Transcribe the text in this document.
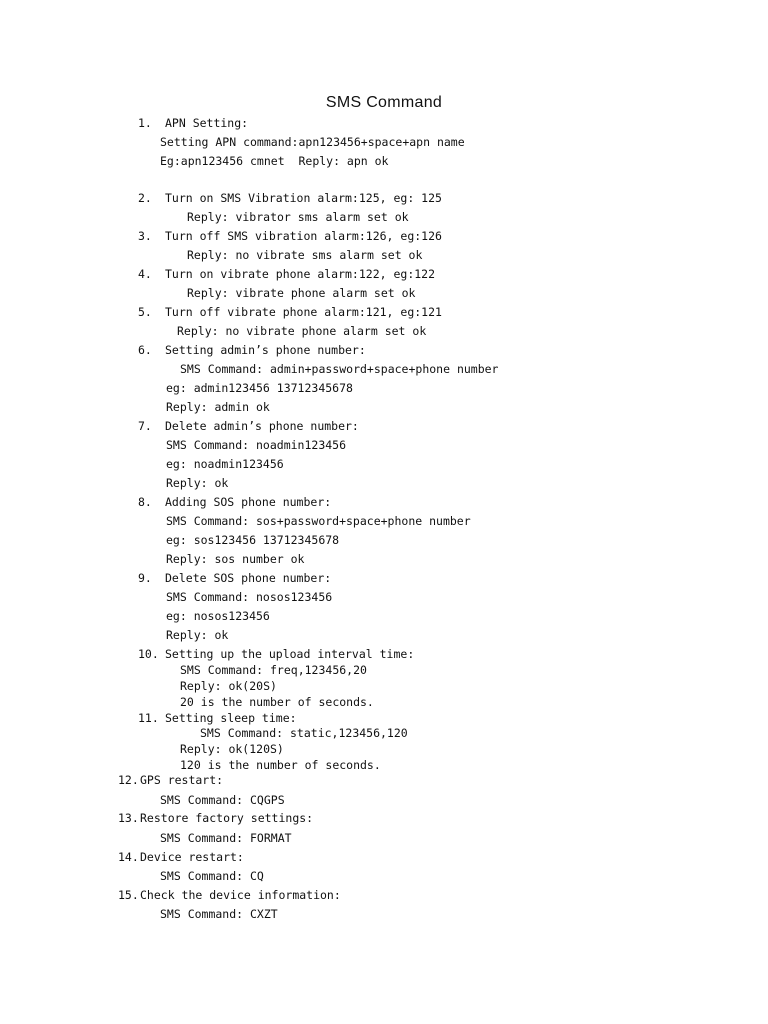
SMS Command
1. APN Setting:
Setting APN command:apn123456+space+apn name
Eg:apn123456 cmnet  Reply: apn ok
2. Turn on SMS Vibration alarm:125, eg: 125
Reply: vibrator sms alarm set ok
3. Turn off SMS vibration alarm:126, eg:126
Reply: no vibrate sms alarm set ok
4. Turn on vibrate phone alarm:122, eg:122
Reply: vibrate phone alarm set ok
5. Turn off vibrate phone alarm:121, eg:121
Reply: no vibrate phone alarm set ok
6. Setting admin’s phone number:
SMS Command: admin+password+space+phone number
eg: admin123456 13712345678
Reply: admin ok
7. Delete admin’s phone number:
SMS Command: noadmin123456
eg: noadmin123456
Reply: ok
8. Adding SOS phone number:
SMS Command: sos+password+space+phone number
eg: sos123456 13712345678
Reply: sos number ok
9. Delete SOS phone number:
SMS Command: nosos123456
eg: nosos123456
Reply: ok
10. Setting up the upload interval time:
SMS Command: freq,123456,20
Reply: ok(20S)
20 is the number of seconds.
11. Setting sleep time:
SMS Command: static,123456,120
Reply: ok(120S)
120 is the number of seconds.
12. GPS restart:
SMS Command: CQGPS
13. Restore factory settings:
SMS Command: FORMAT
14. Device restart:
SMS Command: CQ
15. Check the device information:
SMS Command: CXZT
